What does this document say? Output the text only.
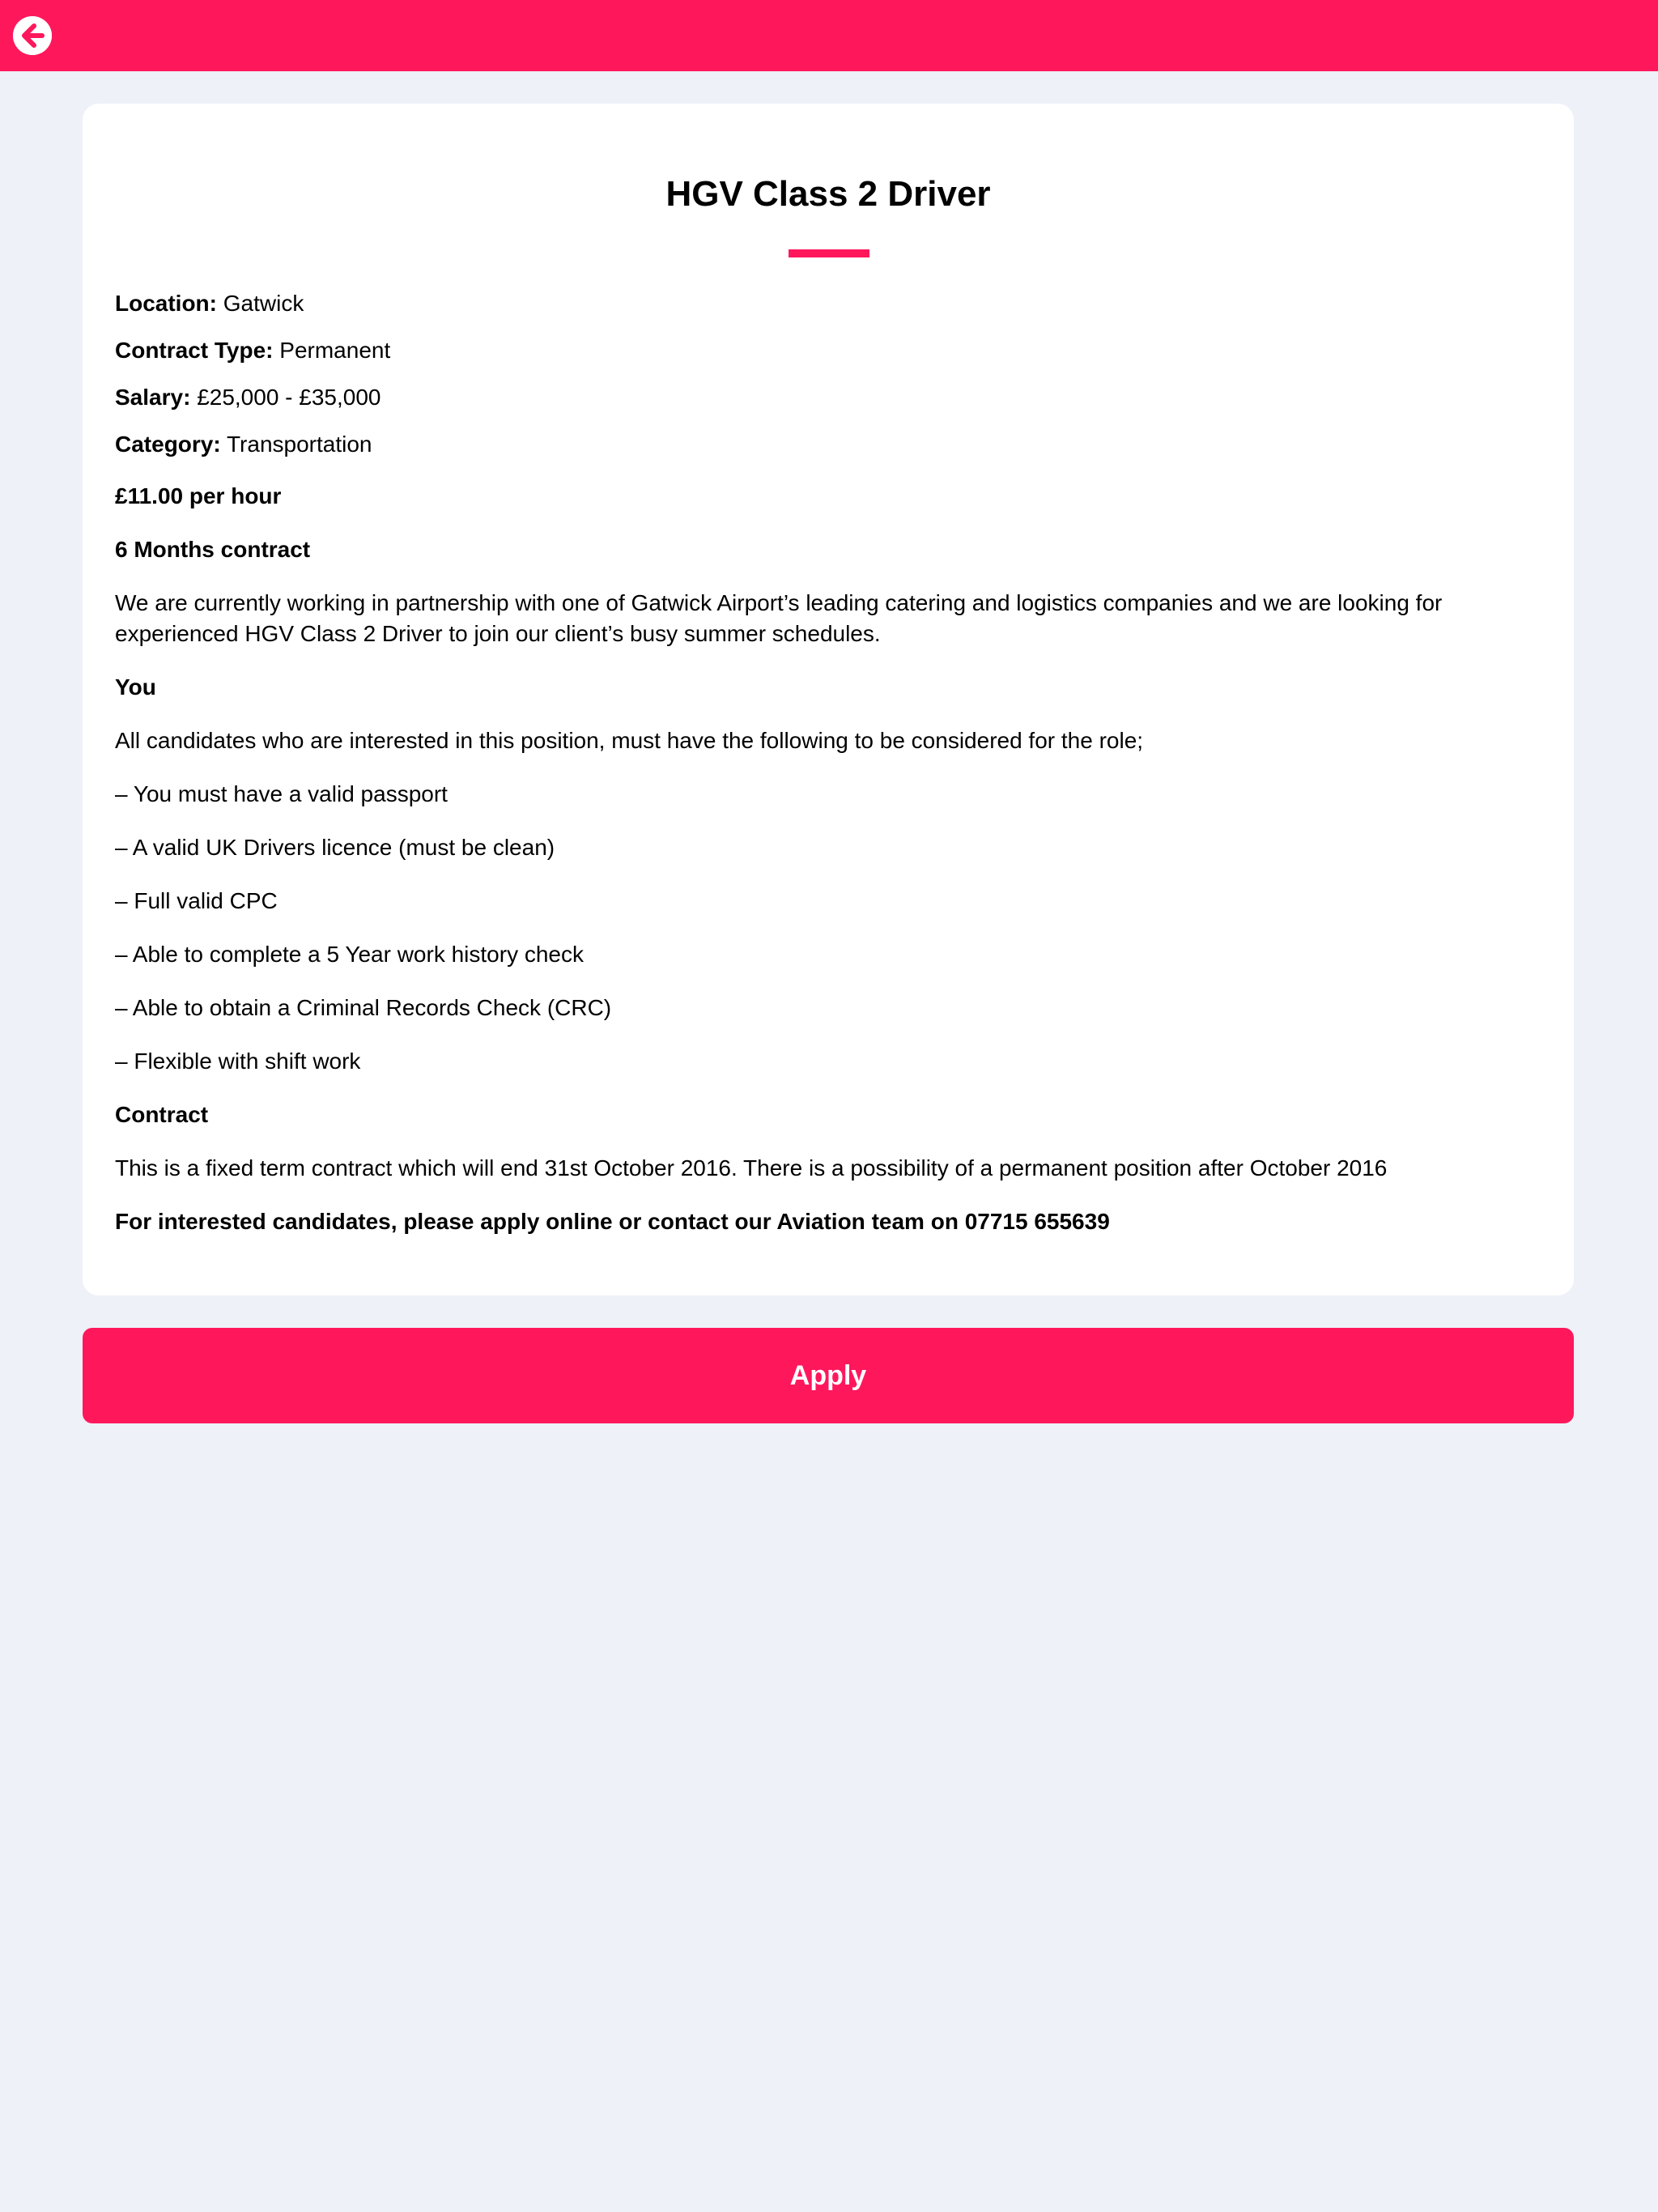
HGV Class 2 Driver
Location: Gatwick
Contract Type: Permanent
Salary: £25,000 - £35,000
Category: Transportation

£11.00 per hour

6 Months contract

We are currently working in partnership with one of Gatwick Airport’s leading catering and logistics companies and we are looking for experienced HGV Class 2 Driver to join our client’s busy summer schedules.

You

All candidates who are interested in this position, must have the following to be considered for the role;

– You must have a valid passport

– A valid UK Drivers licence (must be clean)

– Full valid CPC

– Able to complete a 5 Year work history check

– Able to obtain a Criminal Records Check (CRC)

– Flexible with shift work

Contract

This is a fixed term contract which will end 31st October 2016. There is a possibility of a permanent position after October 2016

For interested candidates, please apply online or contact our Aviation team on 07715 655639

Apply
